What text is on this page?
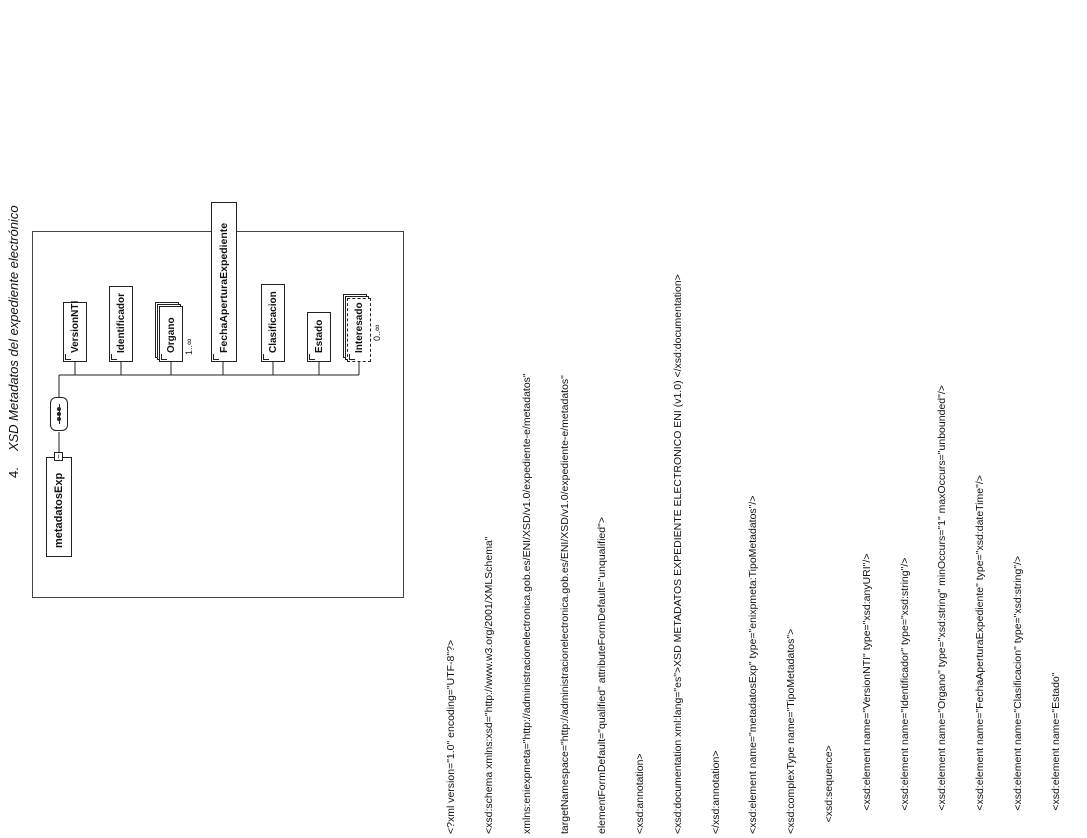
4.XSD Metadatos del expediente electrónico
metadatosExp
−
VersionNTI	Identificador	Organo 1..∞ FechaAperturaExpediente	Clasificacion	Estado	Interesado 0..∞

<?xml version="1.0" encoding="UTF-8"?>

<xsd:schema xmlns:xsd="http://www.w3.org/2001/XMLSchema"

xmlns:eniexpmeta="http://administracionelectronica.gob.es/ENI/XSD/v1.0/expediente-e/metadatos"

targetNamespace="http://administracionelectronica.gob.es/ENI/XSD/v1.0/expediente-e/metadatos"

elementFormDefault="qualified" attributeFormDefault="unqualified">

<xsd:annotation>

<xsd:documentation xml:lang="es">XSD METADATOS EXPEDIENTE ELECTRONICO ENI (v1.0) </xsd:documentation>

</xsd:annotation>

<xsd:element name="metadatosExp" type="enixpmeta:TipoMetadatos"/>

<xsd:complexType name="TipoMetadatos">

<xsd:sequence>

<xsd:element name="VersionNTI" type="xsd:anyURI"/>

<xsd:element name="Identificador" type="xsd:string"/>

<xsd:element name="Organo" type="xsd:string" minOccurs="1" maxOccurs="unbounded"/>

<xsd:element name="FechaAperturaExpediente" type="xsd:dateTime"/>

<xsd:element name="Clasificacion" type="xsd:string"/>

<xsd:element name="Estado"
